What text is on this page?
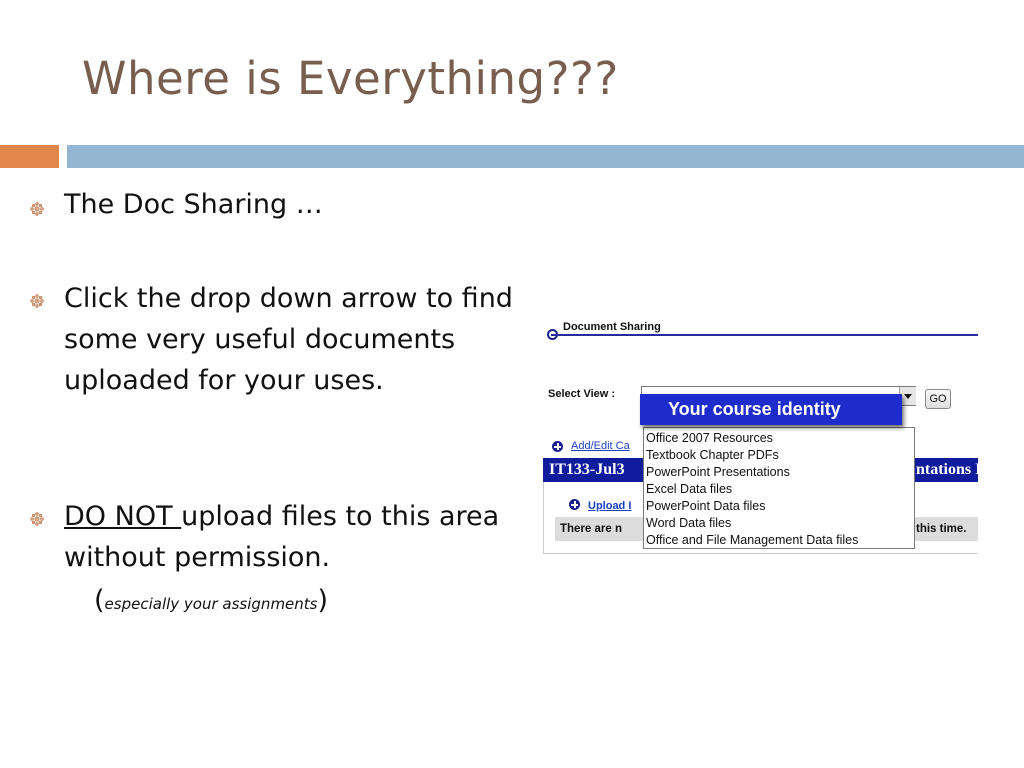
Where is Everything???
The Doc Sharing …
Click the drop down arrow to find some very useful documents uploaded for your uses.
DO NOT upload files to this area without permission.
(especially your assignments)
Document Sharing
Select View :	GO
Your course identity
Office 2007 Resources
Textbook Chapter PDFs
PowerPoint Presentations
Excel Data files
PowerPoint Data files
Word Data files
Office and File Management Data files
Add/Edit Ca
IT133-Jul3	ntations I
Upload I
There are n	this time.
